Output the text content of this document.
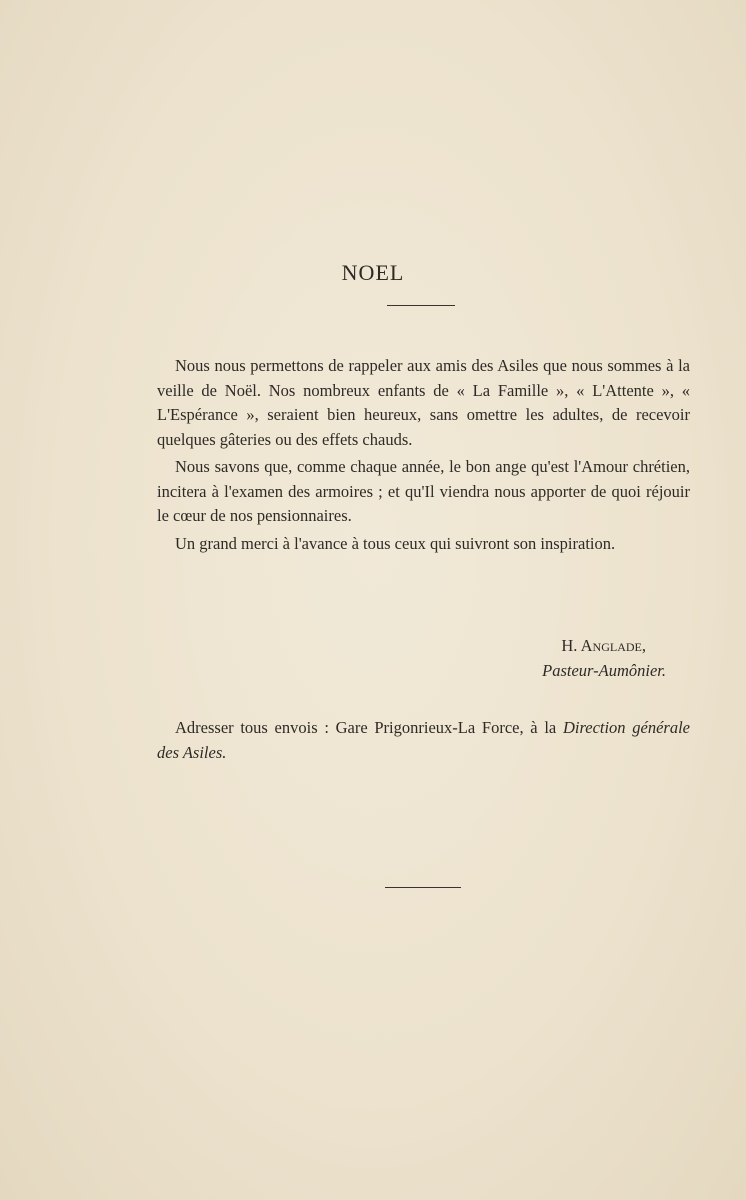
NOEL

Nous nous permettons de rappeler aux amis des Asiles que nous sommes à la veille de Noël. Nos nombreux enfants de « La Famille », « L'Attente », « L'Espérance », seraient bien heureux, sans omettre les adultes, de recevoir quelques gâteries ou des effets chauds.

Nous savons que, comme chaque année, le bon ange qu'est l'Amour chrétien, incitera à l'examen des armoires ; et qu'Il viendra nous apporter de quoi réjouir le cœur de nos pensionnaires.

Un grand merci à l'avance à tous ceux qui suivront son inspiration.

H. Anglade,
Pasteur-Aumônier.

Adresser tous envois : Gare Prigonrieux-La Force, à la Direction générale des Asiles.
